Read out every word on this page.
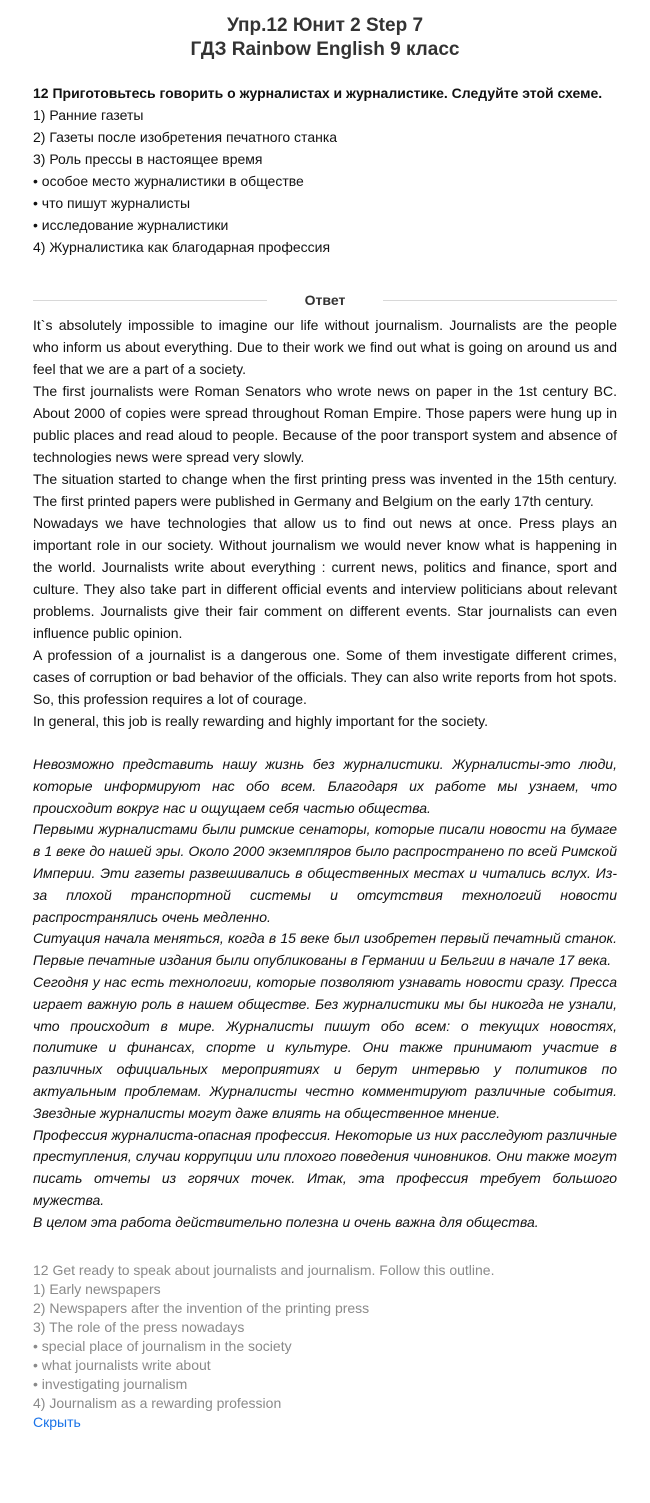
Упр.12 Юнит 2 Step 7
ГДЗ Rainbow English 9 класс
12 Приготовьтесь говорить о журналистах и журналистике. Следуйте этой схеме.
1) Ранние газеты
2) Газеты после изобретения печатного станка
3) Роль прессы в настоящее время
• особое место журналистики в обществе
• что пишут журналисты
• исследование журналистики
4) Журналистика как благодарная профессия
Ответ

It`s absolutely impossible to imagine our life without journalism. Journalists are the people who inform us about everything. Due to their work we find out what is going on around us and feel that we are a part of a society.

The first journalists were Roman Senators who wrote news on paper in the 1st century BC. About 2000 of copies were spread throughout Roman Empire. Those papers were hung up in public places and read aloud to people. Because of the poor transport system and absence of technologies news were spread very slowly.

The situation started to change when the first printing press was invented in the 15th century. The first printed papers were published in Germany and Belgium on the early 17th century.

Nowadays we have technologies that allow us to find out news at once. Press plays an important role in our society. Without journalism we would never know what is happening in the world. Journalists write about everything : current news, politics and finance, sport and culture. They also take part in different official events and interview politicians about relevant problems. Journalists give their fair comment on different events. Star journalists can even influence public opinion.

A profession of a journalist is a dangerous one. Some of them investigate different crimes, cases of corruption or bad behavior of the officials. They can also write reports from hot spots. So, this profession requires a lot of courage.

In general, this job is really rewarding and highly important for the society.

Невозможно представить нашу жизнь без журналистики. Журналисты-это люди, которые информируют нас обо всем. Благодаря их работе мы узнаем, что происходит вокруг нас и ощущаем себя частью общества.

Первыми журналистами были римские сенаторы, которые писали новости на бумаге в 1 веке до нашей эры. Около 2000 экземпляров было распространено по всей Римской Империи. Эти газеты развешивались в общественных местах и читались вслух. Из-за плохой транспортной системы и отсутствия технологий новости распространялись очень медленно.

Ситуация начала меняться, когда в 15 веке был изобретен первый печатный станок. Первые печатные издания были опубликованы в Германии и Бельгии в начале 17 века.

Сегодня у нас есть технологии, которые позволяют узнавать новости сразу. Пресса играет важную роль в нашем обществе. Без журналистики мы бы никогда не узнали, что происходит в мире. Журналисты пишут обо всем: о текущих новостях, политике и финансах, спорте и культуре. Они также принимают участие в различных официальных мероприятиях и берут интервью у политиков по актуальным проблемам. Журналисты честно комментируют различные события. Звездные журналисты могут даже влиять на общественное мнение.

Профессия журналиста-опасная профессия. Некоторые из них расследуют различные преступления, случаи коррупции или плохого поведения чиновников. Они также могут писать отчеты из горячих точек. Итак, эта профессия требует большого мужества.

В целом эта работа действительно полезна и очень важна для общества.

12 Get ready to speak about journalists and journalism. Follow this outline.
1) Early newspapers
2) Newspapers after the invention of the printing press
3) The role of the press nowadays
• special place of journalism in the society
• what journalists write about
• investigating journalism
4) Journalism as a rewarding profession
Скрыть
